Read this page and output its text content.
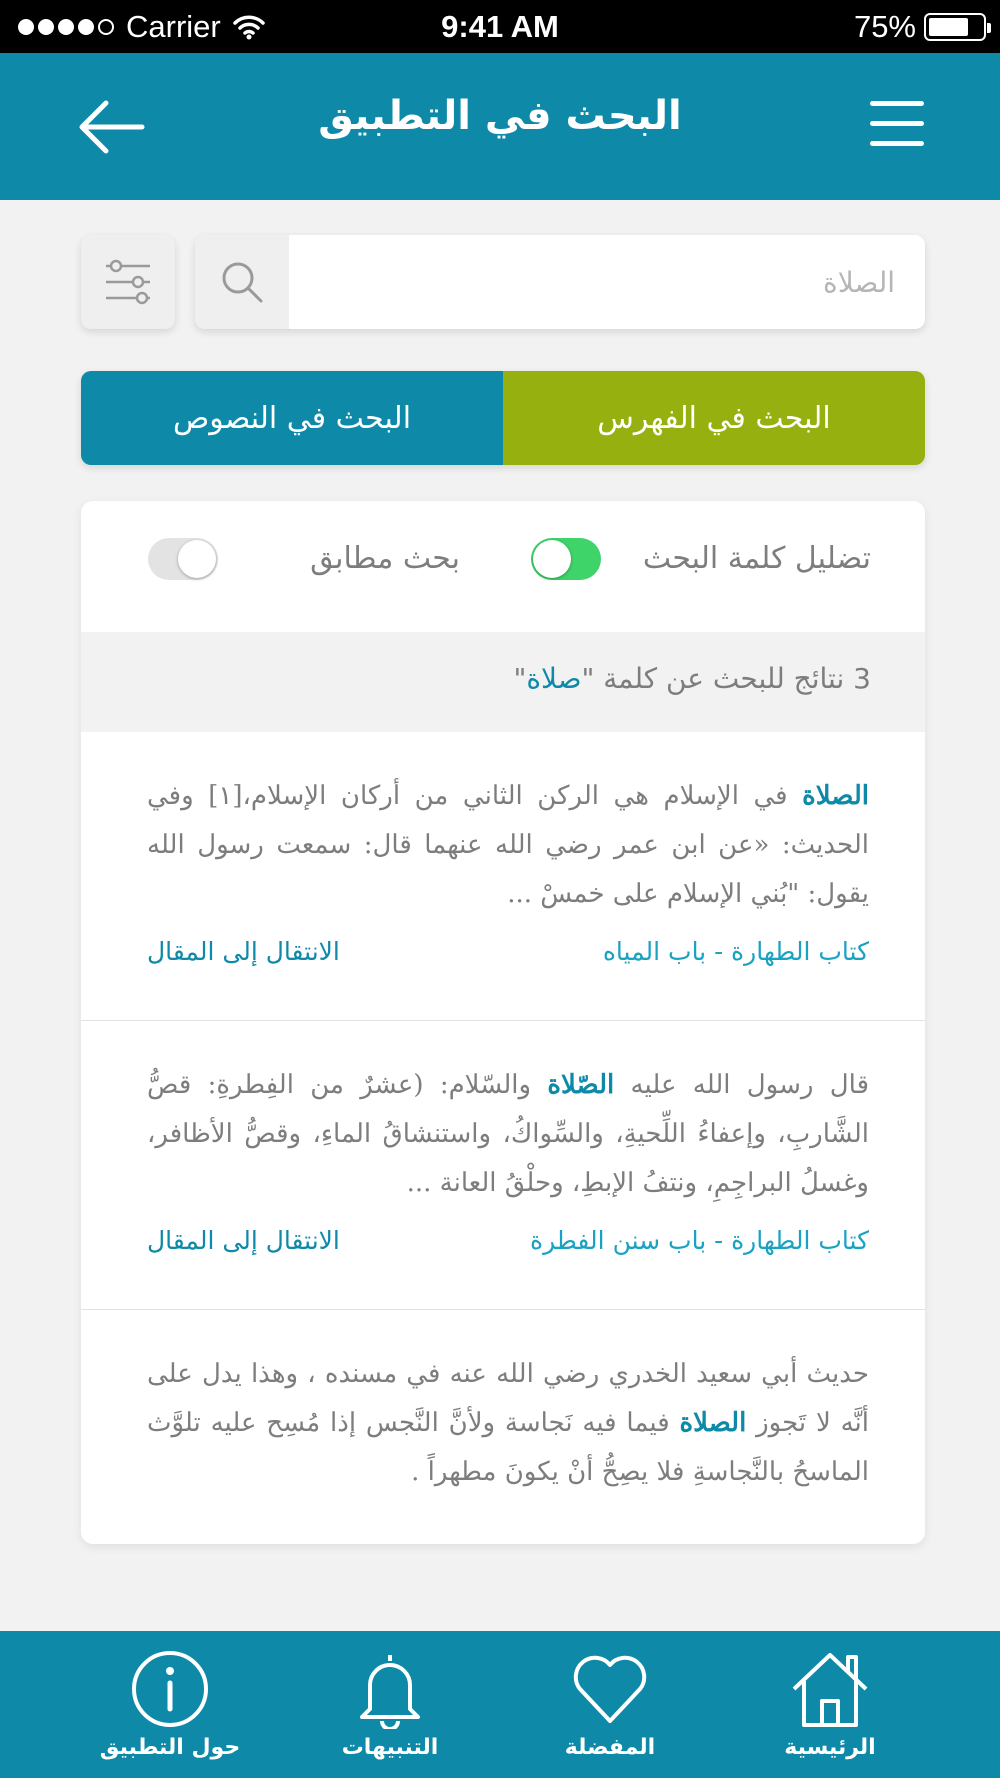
Carrier	9:41 AM	75%
البحث في التطبيق
الصلاة
البحث في النصوص	البحث في الفهرس
تضليل كلمة البحث
بحث مطابق
3 نتائج للبحث عن كلمة "صلاة"

الصلاة في الإسلام هي الركن الثاني من أركان الإسلام،[١] وفي الحديث: «عن ابن عمر رضي الله عنهما قال: سمعت رسول الله يقول: "بُني الإسلام على خمسْ ...

كتاب الطهارة - باب المياه
الانتقال إلى المقال

قال رسول الله عليه الصّلاة والسّلام: (عشرٌ من الفِطرةِ: قصُّ الشَّاربِ، وإعفاءُ اللِّحيةِ، والسِّواكُ، واستنشاقُ الماءِ، وقصُّ الأظافر، وغسلُ البراجِمِ، ونتفُ الإبطِ، وحلْقُ العانة ...

كتاب الطهارة - باب سنن الفطرة
الانتقال إلى المقال

حديث أبي سعيد الخدري رضي الله عنه في مسنده ، وهذا يدل على أنَّه لا تَجوز الصلاة فيما فيه نَجاسة ولأنَّ النَّجس إذا مُسِح عليه تلوَّث الماسحُ بالنَّجاسةِ فلا يصِحُّ أنْ يكونَ مطهراً .

حول التطبيق	التنبيهات	المفضلة	الرئيسية
